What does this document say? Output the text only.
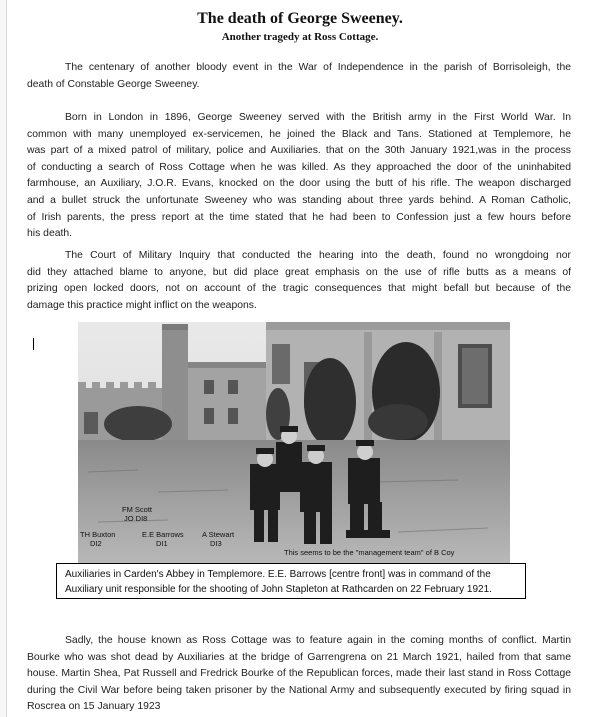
The death of George Sweeney.
Another tragedy at Ross Cottage.

The centenary of another bloody event in the War of Independence in the parish of Borrisoleigh, the
death of Constable George Sweeney.

Born in London in 1896, George Sweeney served with the British army in the First World War. In
common with many unemployed ex-servicemen, he joined the Black and Tans. Stationed at Templemore, he
was part of a mixed patrol of military, police and Auxiliaries. that on the 30th January 1921,was in the process
of conducting a search of Ross Cottage when he was killed. As they approached the door of the uninhabited
farmhouse, an Auxiliary, J.O.R. Evans, knocked on the door using the butt of his rifle. The weapon discharged
and a bullet struck the unfortunate Sweeney who was standing about three yards behind. A Roman Catholic,
of Irish parents, the press report at the time stated that he had been to Confession just a few hours before
his death.

The Court of Military Inquiry that conducted the hearing into the death, found no wrongdoing nor
did they attached blame to anyone, but did place great emphasis on the use of rifle butts as a means of
prizing open locked doors, not on account of the tragic consequences that might befall but because of the
damage this practice might inflict on the weapons.

FM Scott
JO DI8
TH Buxton
DI2
E.E Barrows
DI1
A Stewart
DI3
This seems to be the "management team" of B Coy
Auxiliaries in Carden's Abbey in Templemore. E.E. Barrows [centre front] was in command of the
Auxiliary unit responsible for the shooting of John Stapleton at Rathcarden on 22 February 1921.

Sadly, the house known as Ross Cottage was to feature again in the coming months of conflict. Martin
Bourke who was shot dead by Auxiliaries at the bridge of Garrengrena on 21 March 1921, hailed from that same
house. Martin Shea, Pat Russell and Fredrick Bourke of the Republican forces, made their last stand in Ross Cottage
during the Civil War before being taken prisoner by the National Army and subsequently executed by firing squad in
Roscrea on 15 January 1923
